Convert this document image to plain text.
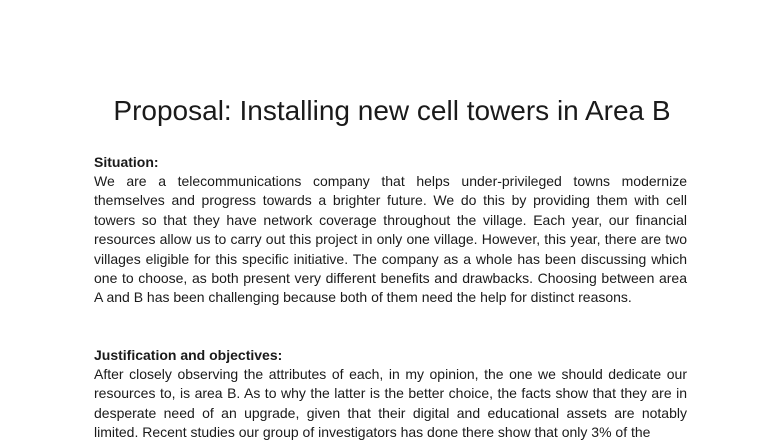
Proposal: Installing new cell towers in Area B

Situation:

We are a telecommunications company that helps under-privileged towns modernize themselves and progress towards a brighter future. We do this by providing them with cell towers so that they have network coverage throughout the village. Each year, our financial resources allow us to carry out this project in only one village. However, this year, there are two villages eligible for this specific initiative. The company as a whole has been discussing which one to choose, as both present very different benefits and drawbacks. Choosing between area A and B has been challenging because both of them need the help for distinct reasons.

Justification and objectives:

After closely observing the attributes of each, in my opinion, the one we should dedicate our resources to, is area B. As to why the latter is the better choice, the facts show that they are in desperate need of an upgrade, given that their digital and educational assets are notably limited. Recent studies our group of investigators has done there show that only 3% of the
